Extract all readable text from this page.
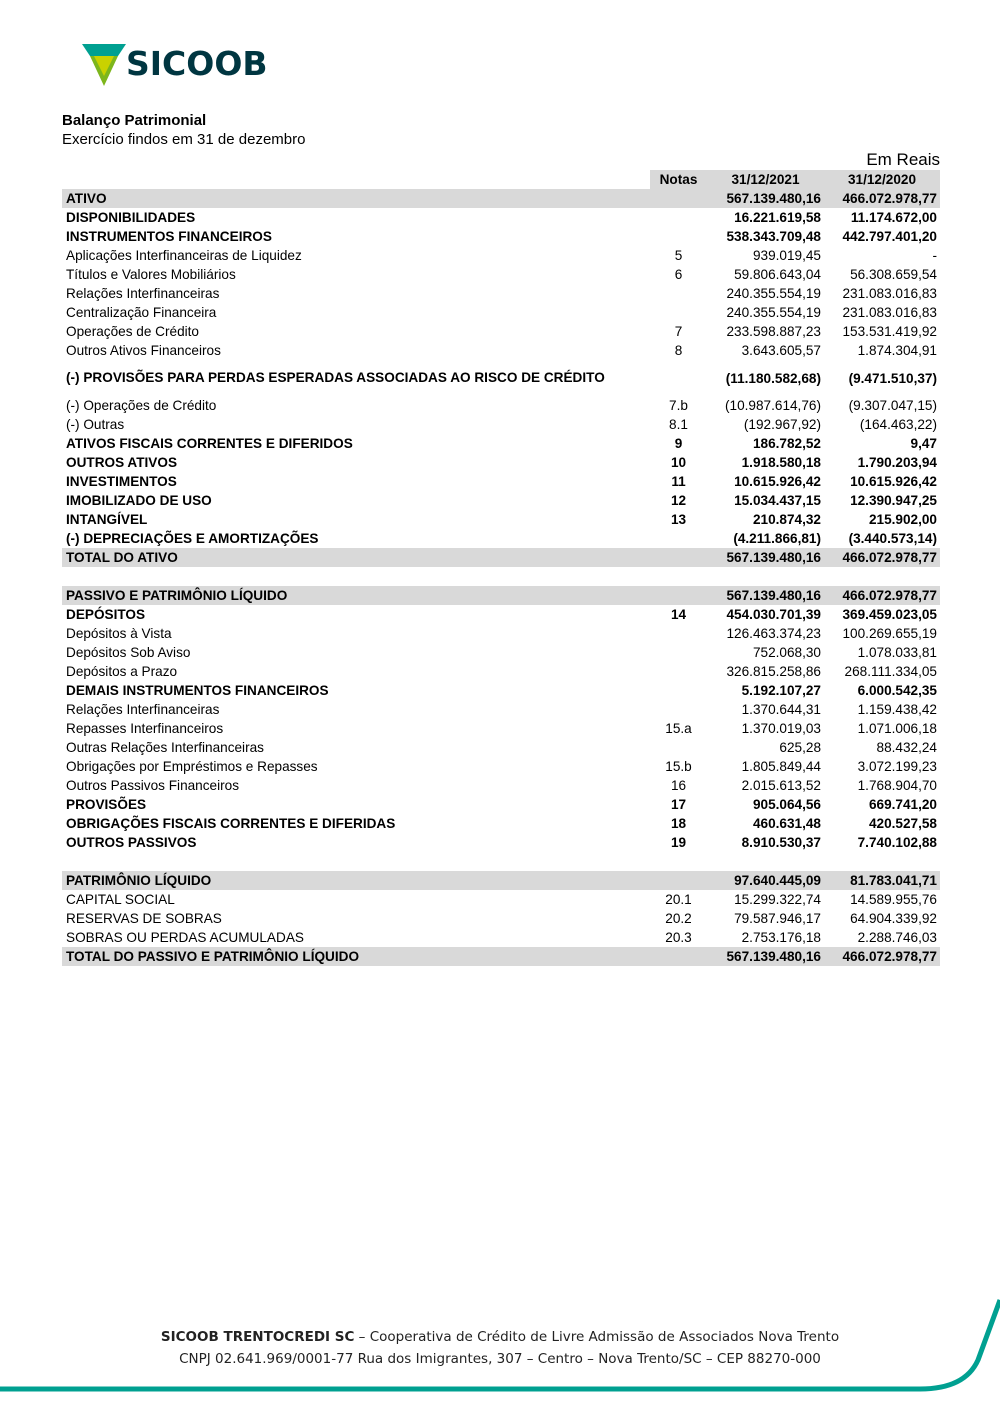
SICOOB
Balanço Patrimonial
Exercício findos em 31 de dezembro
Em Reais
	Notas	31/12/2021	31/12/2020
ATIVO		567.139.480,16	466.072.978,77
DISPONIBILIDADES		16.221.619,58	11.174.672,00
INSTRUMENTOS FINANCEIROS		538.343.709,48	442.797.401,20
Aplicações Interfinanceiras de Liquidez	5	939.019,45	-
Títulos e Valores Mobiliários	6	59.806.643,04	56.308.659,54
Relações Interfinanceiras		240.355.554,19	231.083.016,83
Centralização Financeira		240.355.554,19	231.083.016,83
Operações de Crédito	7	233.598.887,23	153.531.419,92
Outros Ativos Financeiros	8	3.643.605,57	1.874.304,91
(-) PROVISÕES PARA PERDAS ESPERADAS ASSOCIADAS AO RISCO DE CRÉDITO		(11.180.582,68)	(9.471.510,37)
(-) Operações de Crédito	7.b	(10.987.614,76)	(9.307.047,15)
(-) Outras	8.1	(192.967,92)	(164.463,22)
ATIVOS FISCAIS CORRENTES E DIFERIDOS	9	186.782,52	9,47
OUTROS ATIVOS	10	1.918.580,18	1.790.203,94
INVESTIMENTOS	11	10.615.926,42	10.615.926,42
IMOBILIZADO DE USO	12	15.034.437,15	12.390.947,25
INTANGÍVEL	13	210.874,32	215.902,00
(-) DEPRECIAÇÕES E AMORTIZAÇÕES		(4.211.866,81)	(3.440.573,14)
TOTAL DO ATIVO		567.139.480,16	466.072.978,77

PASSIVO E PATRIMÔNIO LÍQUIDO		567.139.480,16	466.072.978,77
DEPÓSITOS	14	454.030.701,39	369.459.023,05
Depósitos à Vista		126.463.374,23	100.269.655,19
Depósitos Sob Aviso		752.068,30	1.078.033,81
Depósitos a Prazo		326.815.258,86	268.111.334,05
DEMAIS INSTRUMENTOS FINANCEIROS		5.192.107,27	6.000.542,35
Relações Interfinanceiras		1.370.644,31	1.159.438,42
Repasses Interfinanceiros	15.a	1.370.019,03	1.071.006,18
Outras Relações Interfinanceiras		625,28	88.432,24
Obrigações por Empréstimos e Repasses	15.b	1.805.849,44	3.072.199,23
Outros Passivos Financeiros	16	2.015.613,52	1.768.904,70
PROVISÕES	17	905.064,56	669.741,20
OBRIGAÇÕES FISCAIS CORRENTES E DIFERIDAS	18	460.631,48	420.527,58
OUTROS PASSIVOS	19	8.910.530,37	7.740.102,88

PATRIMÔNIO LÍQUIDO		97.640.445,09	81.783.041,71
CAPITAL SOCIAL	20.1	15.299.322,74	14.589.955,76
RESERVAS DE SOBRAS	20.2	79.587.946,17	64.904.339,92
SOBRAS OU PERDAS ACUMULADAS	20.3	2.753.176,18	2.288.746,03
TOTAL DO PASSIVO E PATRIMÔNIO LÍQUIDO		567.139.480,16	466.072.978,77
SICOOB TRENTOCREDI SC – Cooperativa de Crédito de Livre Admissão de Associados Nova Trento
CNPJ 02.641.969/0001-77 Rua dos Imigrantes, 307 – Centro – Nova Trento/SC – CEP 88270-000
